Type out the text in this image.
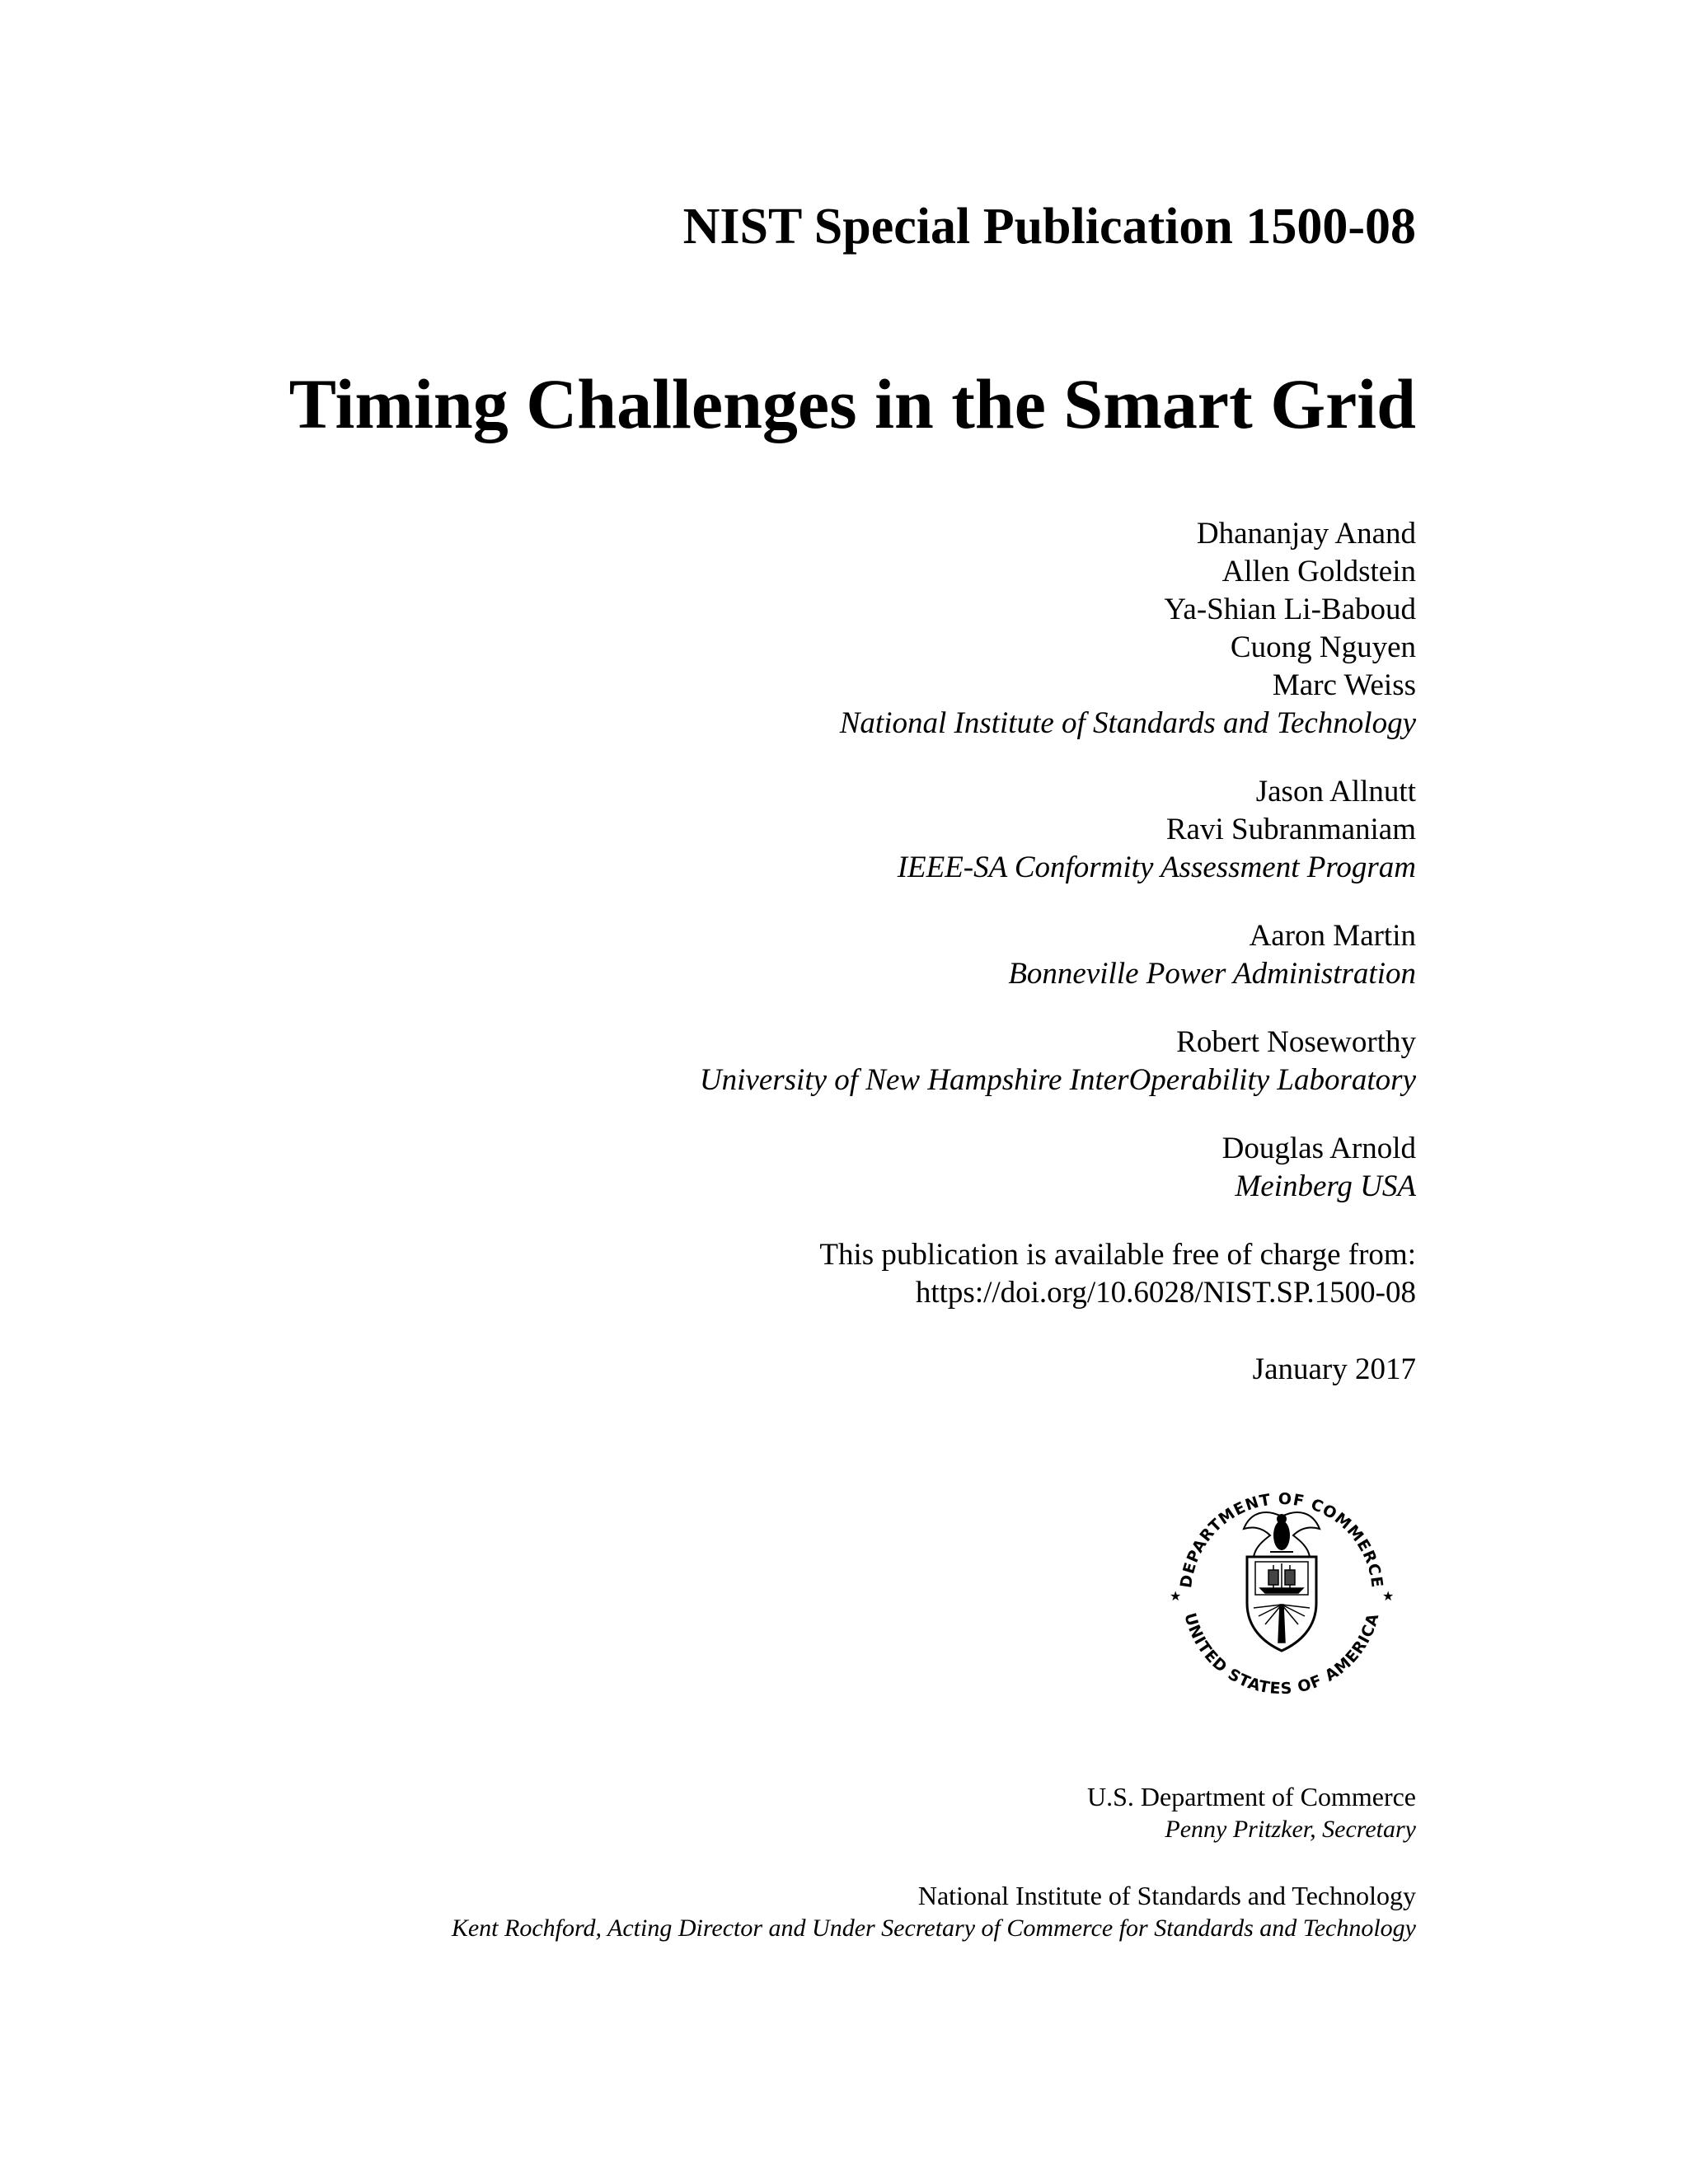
NIST Special Publication 1500-08
Timing Challenges in the Smart Grid
Dhananjay Anand
Allen Goldstein
Ya-Shian Li-Baboud
Cuong Nguyen
Marc Weiss
National Institute of Standards and Technology
Jason Allnutt
Ravi Subranmaniam
IEEE-SA Conformity Assessment Program
Aaron Martin
Bonneville Power Administration
Robert Noseworthy
University of New Hampshire InterOperability Laboratory
Douglas Arnold
Meinberg USA
This publication is available free of charge from:
https://doi.org/10.6028/NIST.SP.1500-08
January 2017
DEPARTMENT OF COMMERCE
UNITED STATES OF AMERICA
★	★
U.S. Department of Commerce
Penny Pritzker, Secretary
National Institute of Standards and Technology
Kent Rochford, Acting Director and Under Secretary of Commerce for Standards and Technology
